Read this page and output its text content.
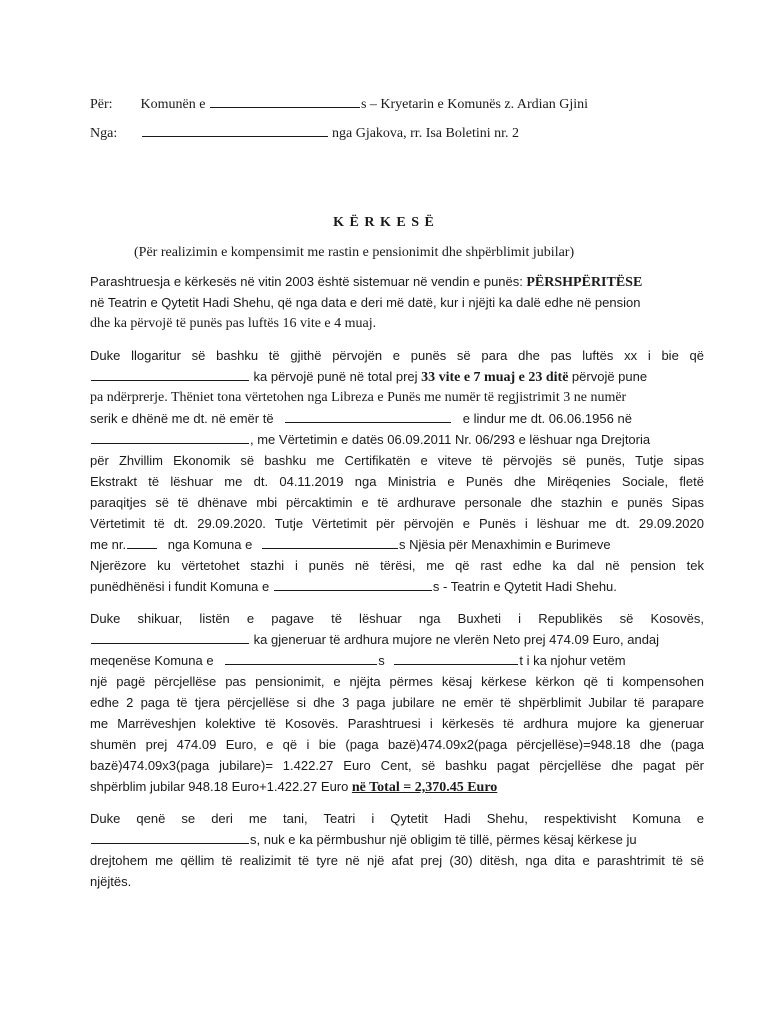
Për: Komunën e	s – Kryetarin e Komunës z. Ardian Gjini
Nga:	nga Gjakova, rr. Isa Boletini nr. 2
K Ë R K E S Ë
(Për realizimin e kompensimit me rastin e pensionimit dhe shpërblimit jubilar)
Parashtruesja e kërkesës në vitin 2003 është sistemuar në vendin e punës: PËRSHPËRITËSE
në Teatrin e Qytetit Hadi Shehu, që nga data e deri më datë, kur i njëjti ka dalë edhe në pension
dhe ka përvojë të punës pas luftës 16 vite e 4 muaj.
Duke llogaritur së bashku të gjithë përvojën e punës së para dhe pas luftës xx i bie që
ka përvojë punë në total prej 33 vite e 7 muaj e 23 ditë përvojë pune
pa ndërprerje. Thëniet tona vërtetohen nga Libreza e Punës me numër të regjistrimit 3 ne numër
serik e dhënë me dt. në emër të	e lindur me dt. 06.06.1956 në
, me Vërtetimin e datës 06.09.2011 Nr. 06/293 e lëshuar nga Drejtoria
për Zhvillim Ekonomik së bashku me Certifikatën e viteve të përvojës së punës, Tutje sipas
Ekstrakt të lëshuar me dt. 04.11.2019 nga Ministria e Punës dhe Mirëqenies Sociale, fletë
paraqitjes së të dhënave mbi përcaktimin e të ardhurave personale dhe stazhin e punës Sipas
Vërtetimit të dt. 29.09.2020. Tutje Vërtetimit për përvojën e Punës i lëshuar me dt. 29.09.2020
me nr.	nga Komuna e	s Njësia për Menaxhimin e Burimeve
Njerëzore ku vërtetohet stazhi i punës në tërësi, me që rast edhe ka dal në pension tek
punëdhënësi i fundit Komuna e	s - Teatrin e Qytetit Hadi Shehu.
Duke shikuar, listën e pagave të lëshuar nga Buxheti i Republikës së Kosovës,
ka gjeneruar të ardhura mujore ne vlerën Neto prej 474.09 Euro, andaj
meqenëse Komuna e	s	t i ka njohur vetëm
një pagë përcjellëse pas pensionimit, e njëjta përmes kësaj kërkese kërkon që ti kompensohen
edhe 2 paga të tjera përcjellëse si dhe 3 paga jubilare ne emër të shpërblimit Jubilar të parapare
me Marrëveshjen kolektive të Kosovës. Parashtruesi i kërkesës të ardhura mujore ka gjeneruar
shumën prej 474.09 Euro, e që i bie (paga bazë)474.09x2(paga përcjellëse)=948.18 dhe (paga
bazë)474.09x3(paga jubilare)= 1.422.27 Euro Cent, së bashku pagat përcjellëse dhe pagat për
shpërblim jubilar 948.18 Euro+1.422.27 Euro në Total = 2,370.45 Euro
Duke qenë se deri me tani, Teatri i Qytetit Hadi Shehu, respektivisht Komuna e
s, nuk e ka përmbushur një obligim të tillë, përmes kësaj kërkese ju
drejtohem me qëllim të realizimit të tyre në një afat prej (30) ditësh, nga dita e parashtrimit të së
njëjtës.
